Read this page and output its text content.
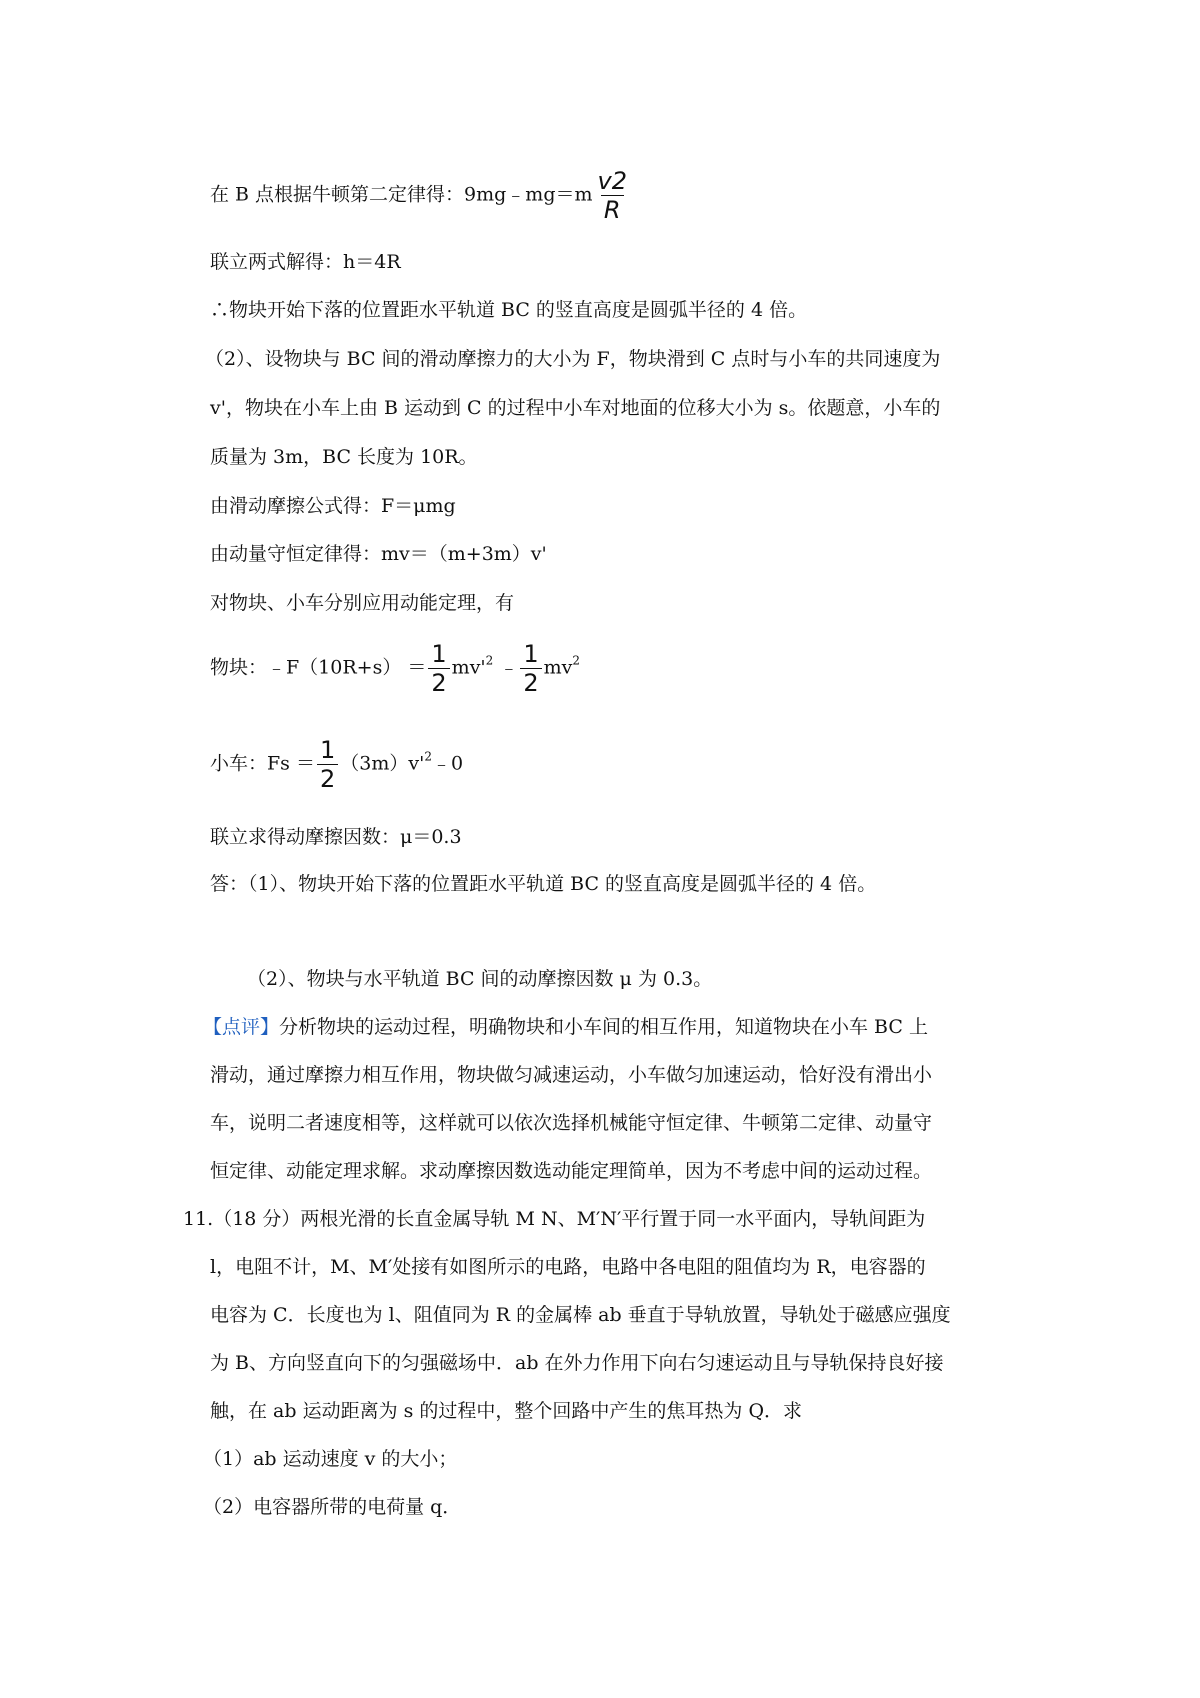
在 B 点根据牛顿第二定律得：9mg﹣mg＝m $\frac{v2}{R}$
联立两式解得：h＝4R
∴物块开始下落的位置距水平轨道 BC 的竖直高度是圆弧半径的 4 倍。
（2）、设物块与 BC 间的滑动摩擦力的大小为 F，物块滑到 C 点时与小车的共同速度为
v'，物块在小车上由 B 运动到 C 的过程中小车对地面的位移大小为 s。依题意，小车的
质量为 3m，BC 长度为 10R。
由滑动摩擦公式得：F＝μmg
由动量守恒定律得：mv＝（m+3m）v'
对物块、小车分别应用动能定理，有
物块：﹣F（10R+s） ＝ $\frac{1}{2} mv'^2$ ﹣ $\frac{1}{2} mv^2$
小车：$Fs = \frac{1}{2}$ $(3m)v'^2﹣0$
联立求得动摩擦因数：μ＝0.3
答：（1）、物块开始下落的位置距水平轨道 BC 的竖直高度是圆弧半径的 4 倍。
（2）、物块与水平轨道 BC 间的动摩擦因数 μ 为 0.3。
【点评】分析物块的运动过程，明确物块和小车间的相互作用，知道物块在小车 BC 上
滑动，通过摩擦力相互作用，物块做匀减速运动，小车做匀加速运动，恰好没有滑出小
车，说明二者速度相等，这样就可以依次选择机械能守恒定律、牛顿第二定律、动量守
恒定律、动能定理求解。求动摩擦因数选动能定理简单，因为不考虑中间的运动过程。
11.（18 分）两根光滑的长直金属导轨 M N、M′N′平行置于同一水平面内，导轨间距为
l，电阻不计，M、M′处接有如图所示的电路，电路中各电阻的阻值均为 R，电容器的
电容为 C．长度也为 l、阻值同为 R 的金属棒 ab 垂直于导轨放置，导轨处于磁感应强度
为 B、方向竖直向下的匀强磁场中．ab 在外力作用下向右匀速运动且与导轨保持良好接
触，在 ab 运动距离为 s 的过程中，整个回路中产生的焦耳热为 Q．求
（1）ab 运动速度 v 的大小；
（2）电容器所带的电荷量 q．
